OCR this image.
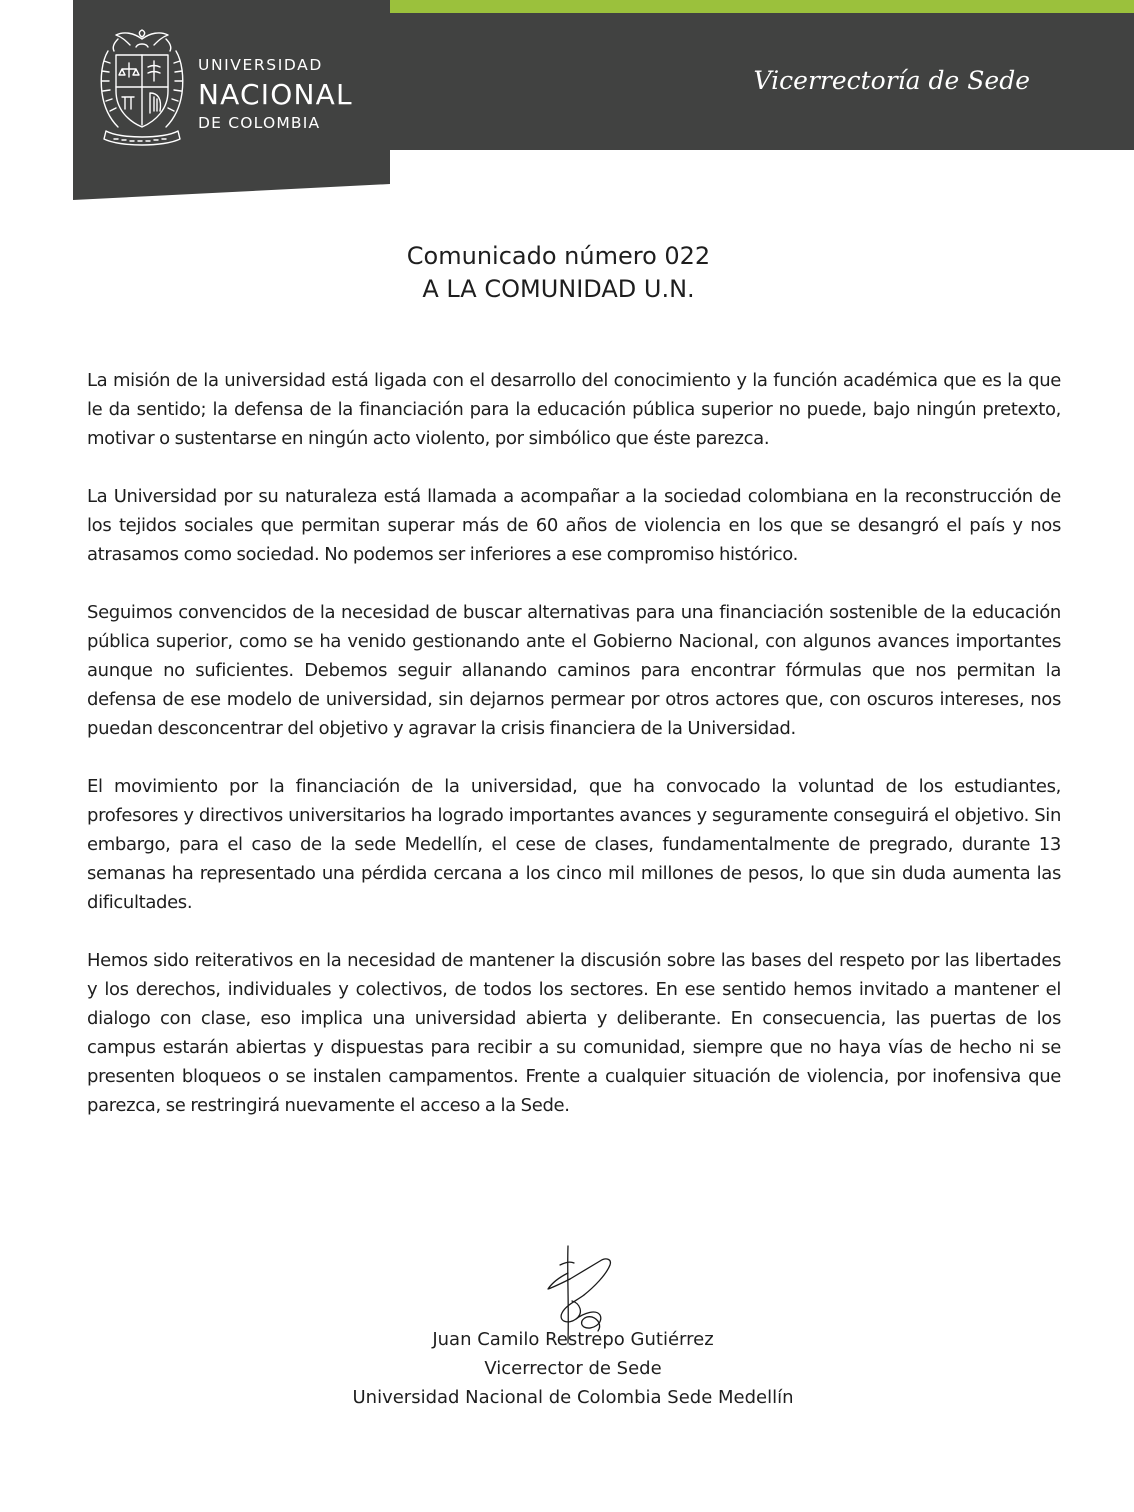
UNIVERSIDAD
NACIONAL
DE COLOMBIA
Vicerrectoría de Sede
Comunicado número 022
A LA COMUNIDAD U.N.

La misión de la universidad está ligada con el desarrollo del conocimiento y la función académica que es la que le da sentido; la defensa de la financiación para la educación pública superior no puede, bajo ningún pretexto, motivar o sustentarse en ningún acto violento, por simbólico que éste parezca.

La Universidad por su naturaleza está llamada a acompañar a la sociedad colombiana en la reconstrucción de los tejidos sociales que permitan superar más de 60 años de violencia en los que se desangró el país y nos atrasamos como sociedad. No podemos ser inferiores a ese compromiso histórico.

Seguimos convencidos de la necesidad de buscar alternativas para una financiación sostenible de la educación pública superior, como se ha venido gestionando ante el Gobierno Nacional, con algunos avances importantes aunque no suficientes. Debemos seguir allanando caminos para encontrar fórmulas que nos permitan la defensa de ese modelo de universidad, sin dejarnos permear por otros actores que, con oscuros intereses, nos puedan desconcentrar del objetivo y agravar la crisis financiera de la Universidad.

El movimiento por la financiación de la universidad, que ha convocado la voluntad de los estudiantes, profesores y directivos universitarios ha logrado importantes avances y seguramente conseguirá el objetivo. Sin embargo, para el caso de la sede Medellín, el cese de clases, fundamentalmente de pregrado, durante 13 semanas ha representado una pérdida cercana a los cinco mil millones de pesos, lo que sin duda aumenta las dificultades.

Hemos sido reiterativos en la necesidad de mantener la discusión sobre las bases del respeto por las libertades y los derechos, individuales y colectivos, de todos los sectores. En ese sentido hemos invitado a mantener el dialogo con clase, eso implica una universidad abierta y deliberante. En consecuencia, las puertas de los campus estarán abiertas y dispuestas para recibir a su comunidad, siempre que no haya vías de hecho ni se presenten bloqueos o se instalen campamentos. Frente a cualquier situación de violencia, por inofensiva que parezca, se restringirá nuevamente el acceso a la Sede.

Juan Camilo Restrepo Gutiérrez
Vicerrector de Sede
Universidad Nacional de Colombia Sede Medellín
